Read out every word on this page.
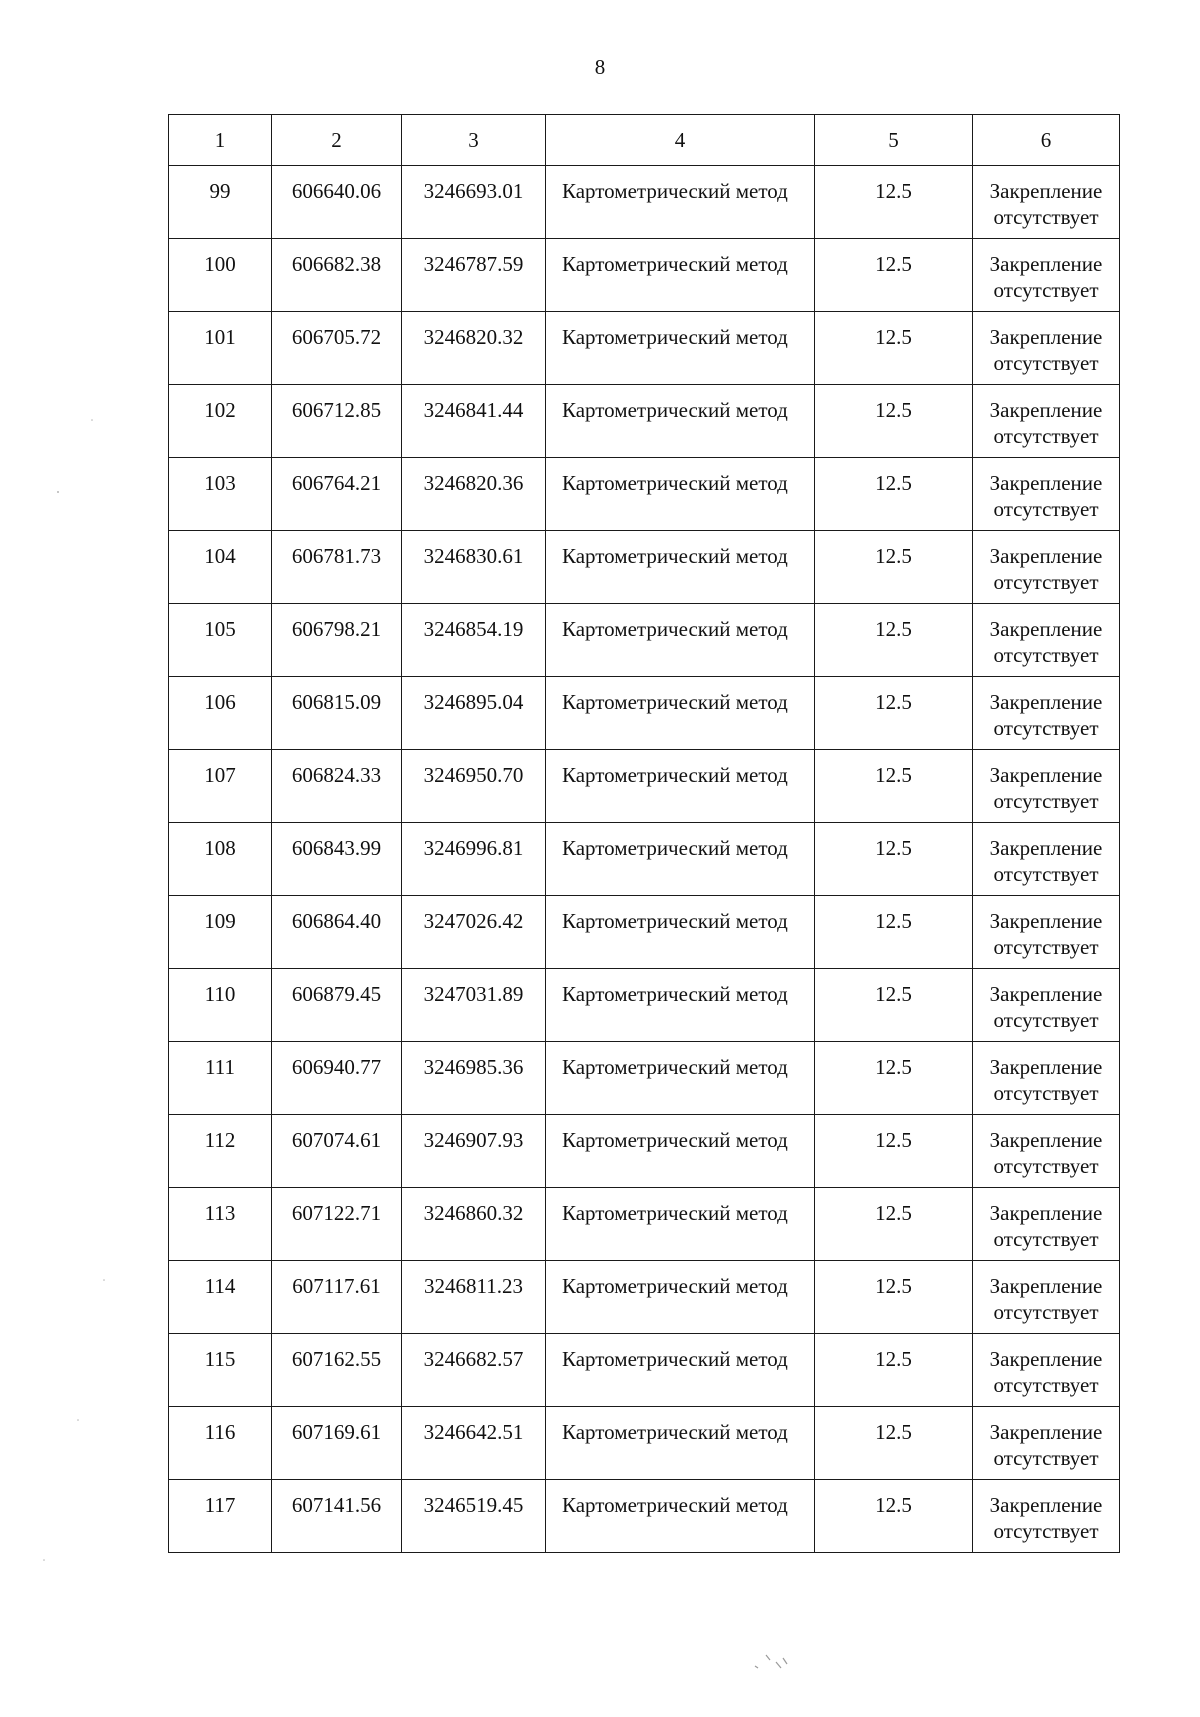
8
1	2	3	4	5	6
99	606640.06	3246693.01	Картометрический метод	12.5	Закрепление
отсутствует

100	606682.38	3246787.59	Картометрический метод	12.5	Закрепление
отсутствует

101	606705.72	3246820.32	Картометрический метод	12.5	Закрепление
отсутствует

102	606712.85	3246841.44	Картометрический метод	12.5	Закрепление
отсутствует

103	606764.21	3246820.36	Картометрический метод	12.5	Закрепление
отсутствует

104	606781.73	3246830.61	Картометрический метод	12.5	Закрепление
отсутствует

105	606798.21	3246854.19	Картометрический метод	12.5	Закрепление
отсутствует

106	606815.09	3246895.04	Картометрический метод	12.5	Закрепление
отсутствует

107	606824.33	3246950.70	Картометрический метод	12.5	Закрепление
отсутствует

108	606843.99	3246996.81	Картометрический метод	12.5	Закрепление
отсутствует

109	606864.40	3247026.42	Картометрический метод	12.5	Закрепление
отсутствует

110	606879.45	3247031.89	Картометрический метод	12.5	Закрепление
отсутствует

111	606940.77	3246985.36	Картометрический метод	12.5	Закрепление
отсутствует

112	607074.61	3246907.93	Картометрический метод	12.5	Закрепление
отсутствует

113	607122.71	3246860.32	Картометрический метод	12.5	Закрепление
отсутствует

114	607117.61	3246811.23	Картометрический метод	12.5	Закрепление
отсутствует

115	607162.55	3246682.57	Картометрический метод	12.5	Закрепление
отсутствует

116	607169.61	3246642.51	Картометрический метод	12.5	Закрепление
отсутствует

117	607141.56	3246519.45	Картометрический метод	12.5	Закрепление
отсутствует
